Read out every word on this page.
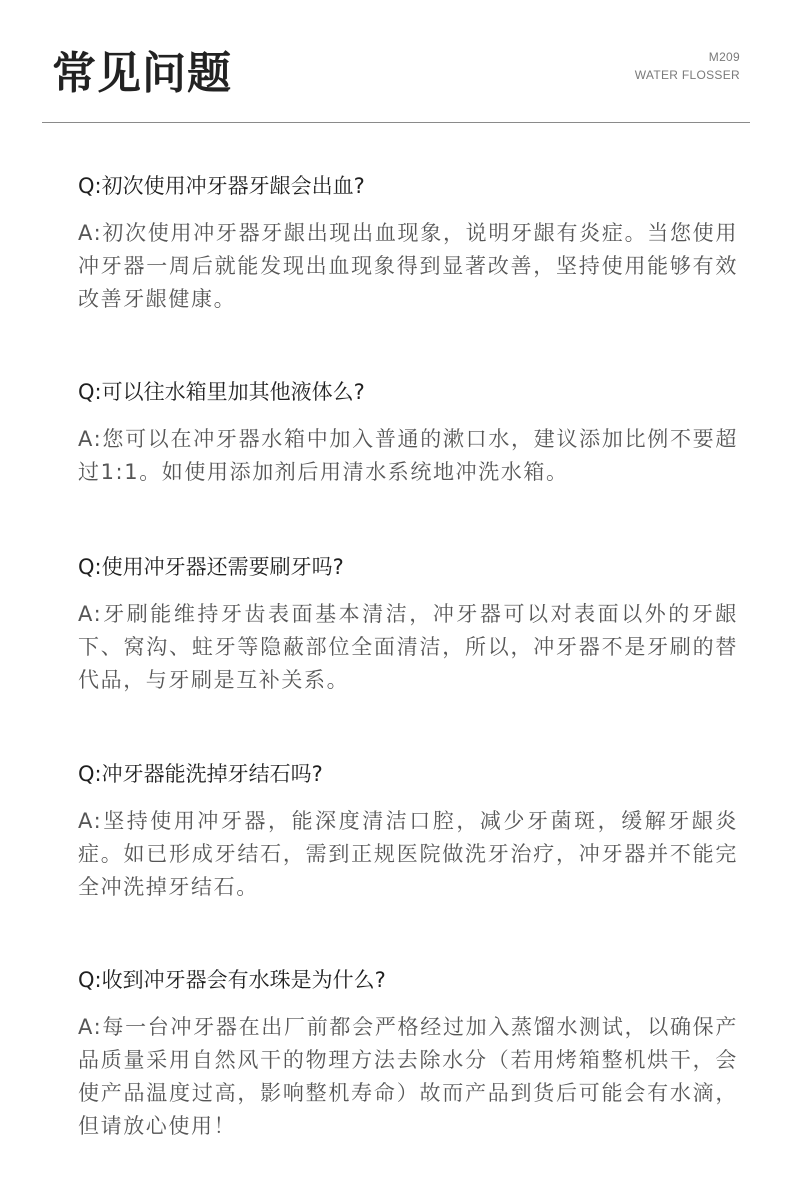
常见问题	M209
WATER FLOSSER
Q:初次使用冲牙器牙龈会出血?
A:初次使用冲牙器牙龈出现出血现象，说明牙龈有炎症。当您使用冲牙器一周后就能发现出血现象得到显著改善，坚持使用能够有效改善牙龈健康。
Q:可以往水箱里加其他液体么?
A:您可以在冲牙器水箱中加入普通的漱口水，建议添加比例不要超过1:1。如使用添加剂后用清水系统地冲洗水箱。
Q:使用冲牙器还需要刷牙吗?
A:牙刷能维持牙齿表面基本清洁，冲牙器可以对表面以外的牙龈下、窝沟、蛀牙等隐蔽部位全面清洁，所以，冲牙器不是牙刷的替代品，与牙刷是互补关系。
Q:冲牙器能洗掉牙结石吗?
A:坚持使用冲牙器，能深度清洁口腔，减少牙菌斑，缓解牙龈炎症。如已形成牙结石，需到正规医院做洗牙治疗，冲牙器并不能完全冲洗掉牙结石。
Q:收到冲牙器会有水珠是为什么?
A:每一台冲牙器在出厂前都会严格经过加入蒸馏水测试，以确保产品质量采用自然风干的物理方法去除水分（若用烤箱整机烘干，会使产品温度过高，影响整机寿命）故而产品到货后可能会有水滴，但请放心使用！
